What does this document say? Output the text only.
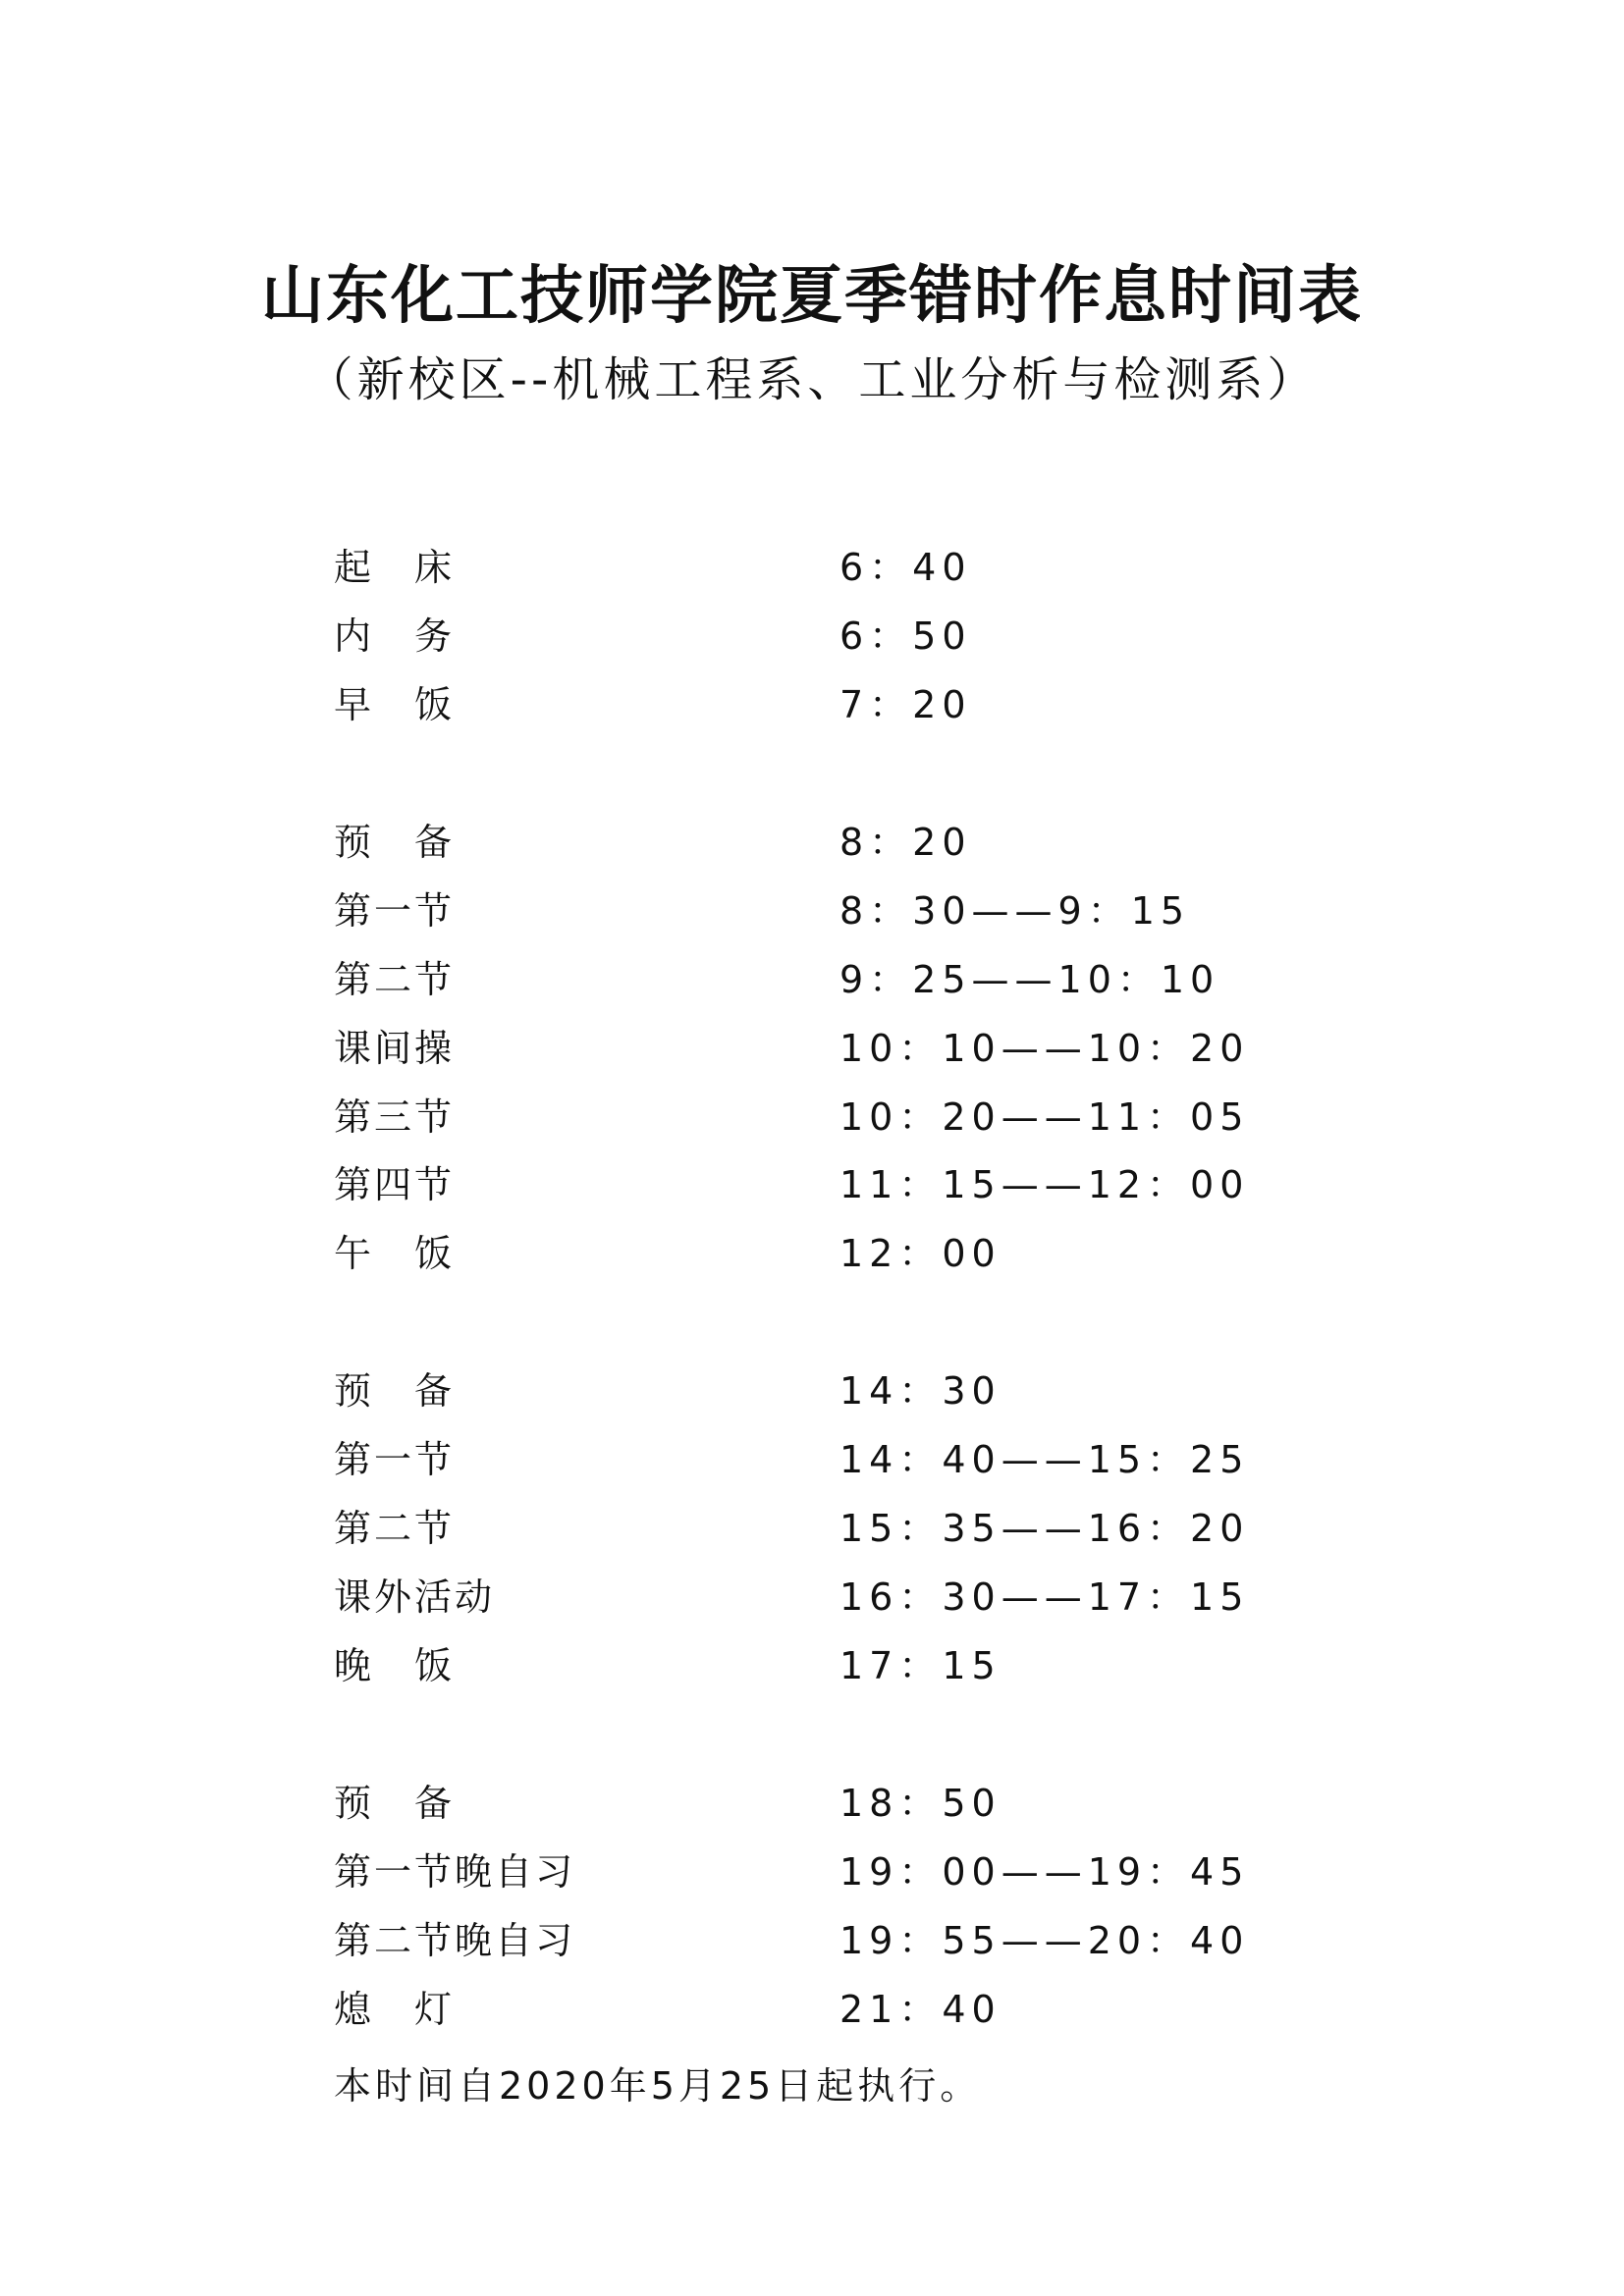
山东化工技师学院夏季错时作息时间表
（新校区--机械工程系、工业分析与检测系）
起　床	6：40
内　务	6：50
早　饭	7：20
预　备	8：20
第一节	8：30——9：15
第二节	9：25——10：10
课间操	10：10——10：20
第三节	10：20——11：05
第四节	11：15——12：00
午　饭	12：00
预　备	14：30
第一节	14：40——15：25
第二节	15：35——16：20
课外活动	16：30——17：15
晚　饭	17：15
预　备	18：50
第一节晚自习	19：00——19：45
第二节晚自习	19：55——20：40
熄　灯	21：40
本时间自2020年5月25日起执行。
